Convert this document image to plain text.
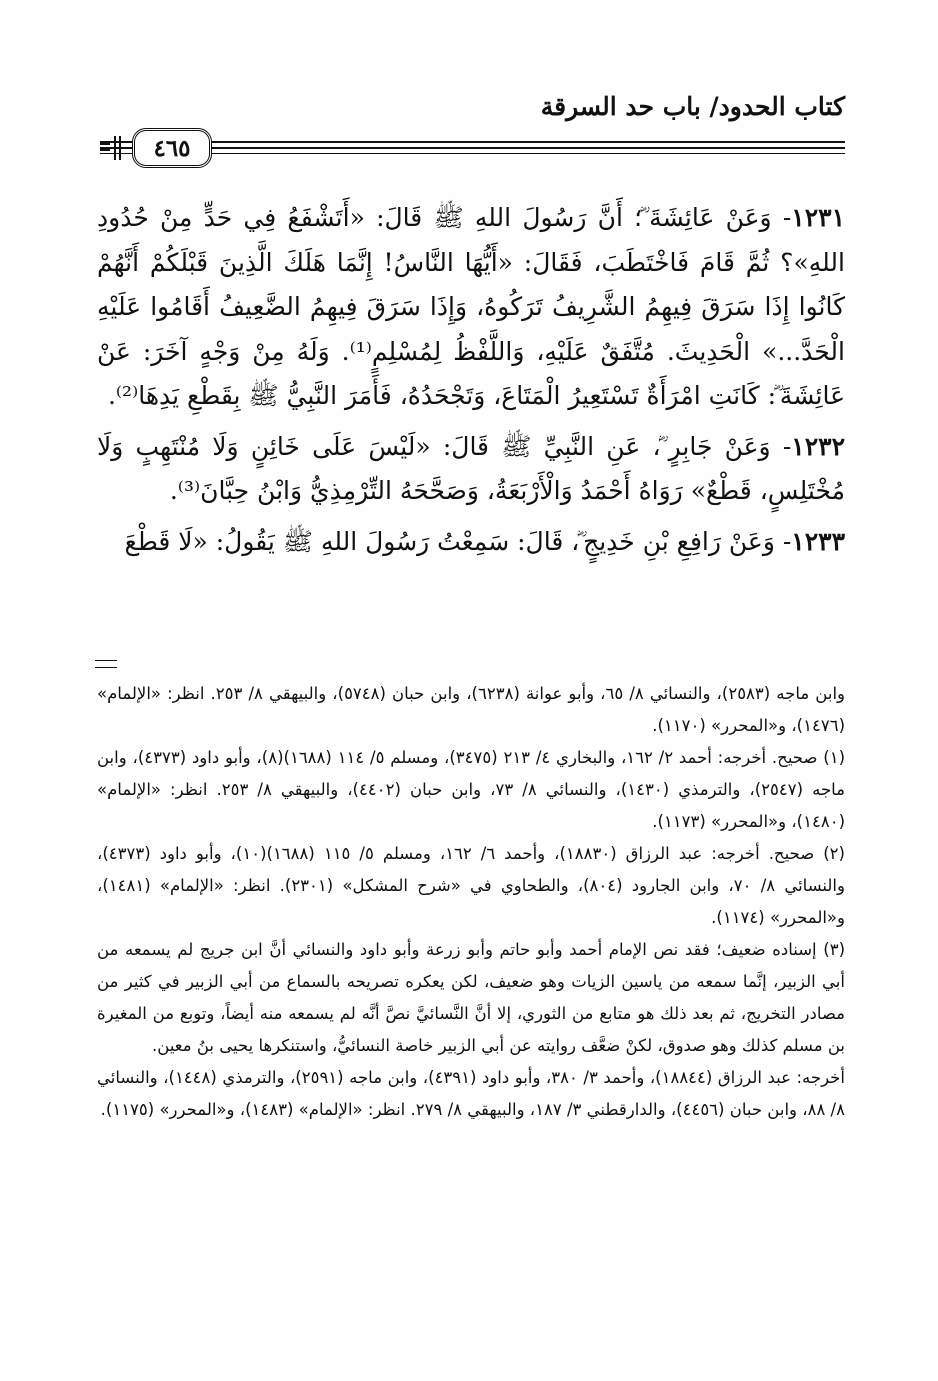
كتاب الحدود/ باب حد السرقة
٤٦٥

١٢٣١- وَعَنْ عَائِشَةَ ؓ؛ أَنَّ رَسُولَ اللهِ ﷺ قَالَ: «أَتَشْفَعُ فِي حَدٍّ مِنْ حُدُودِ اللهِ»؟ ثُمَّ قَامَ فَاخْتَطَبَ، فَقَالَ: «أَيُّهَا النَّاسُ! إِنَّمَا هَلَكَ الَّذِينَ قَبْلَكُمْ أَنَّهُمْ كَانُوا إِذَا سَرَقَ فِيهِمُ الشَّرِيفُ تَرَكُوهُ، وَإِذَا سَرَقَ فِيهِمُ الضَّعِيفُ أَقَامُوا عَلَيْهِ الْحَدَّ...» الْحَدِيثَ. مُتَّفَقٌ عَلَيْهِ، وَاللَّفْظُ لِمُسْلِمٍ⁽¹⁾. وَلَهُ مِنْ وَجْهٍ آخَرَ: عَنْ عَائِشَةَ ؓ: كَانَتِ امْرَأَةٌ تَسْتَعِيرُ الْمَتَاعَ، وَتَجْحَدُهُ، فَأَمَرَ النَّبِيُّ ﷺ بِقَطْعِ يَدِهَا⁽²⁾.

١٢٣٢- وَعَنْ جَابِرٍ ؓ، عَنِ النَّبِيِّ ﷺ قَالَ: «لَيْسَ عَلَى خَائِنٍ وَلَا مُنْتَهِبٍ وَلَا مُخْتَلِسٍ، قَطْعٌ» رَوَاهُ أَحْمَدُ وَالْأَرْبَعَةُ، وَصَحَّحَهُ التِّرْمِذِيُّ وَابْنُ حِبَّانَ⁽³⁾.

١٢٣٣- وَعَنْ رَافِعِ بْنِ خَدِيجٍ ؓ، قَالَ: سَمِعْتُ رَسُولَ اللهِ ﷺ يَقُولُ: «لَا قَطْعَ

وابن ماجه (٢٥٨٣)، والنسائي ٨/ ٦٥، وأبو عوانة (٦٢٣٨)، وابن حبان (٥٧٤٨)، والبيهقي ٨/ ٢٥٣. انظر: «الإلمام» (١٤٧٦)، و«المحرر» (١١٧٠).

(١) صحيح. أخرجه: أحمد ٢/ ١٦٢، والبخاري ٤/ ٢١٣ (٣٤٧٥)، ومسلم ٥/ ١١٤ (١٦٨٨)(٨)، وأبو داود (٤٣٧٣)، وابن ماجه (٢٥٤٧)، والترمذي (١٤٣٠)، والنسائي ٨/ ٧٣، وابن حبان (٤٤٠٢)، والبيهقي ٨/ ٢٥٣. انظر: «الإلمام» (١٤٨٠)، و«المحرر» (١١٧٣).

(٢) صحيح. أخرجه: عبد الرزاق (١٨٨٣٠)، وأحمد ٦/ ١٦٢، ومسلم ٥/ ١١٥ (١٦٨٨)(١٠)، وأبو داود (٤٣٧٣)، والنسائي ٨/ ٧٠، وابن الجارود (٨٠٤)، والطحاوي في «شرح المشكل» (٢٣٠١). انظر: «الإلمام» (١٤٨١)، و«المحرر» (١١٧٤).

(٣) إسناده ضعيف؛ فقد نص الإمام أحمد وأبو حاتم وأبو زرعة وأبو داود والنسائي أنَّ ابن جريج لم يسمعه من أبي الزبير، إنَّما سمعه من ياسين الزيات وهو ضعيف، لكن يعكره تصريحه بالسماع من أبي الزبير في كثير من مصادر التخريج، ثم بعد ذلك هو متابع من الثوري، إلا أنَّ النَّسائيَّ نصَّ أنَّه لم يسمعه منه أيضاً، وتوبع من المغيرة بن مسلم كذلك وهو صدوق، لكنْ ضعَّف روايته عن أبي الزبير خاصة النسائيُّ، واستنكرها يحيى بنُ معين.

أخرجه: عبد الرزاق (١٨٨٤٤)، وأحمد ٣/ ٣٨٠، وأبو داود (٤٣٩١)، وابن ماجه (٢٥٩١)، والترمذي (١٤٤٨)، والنسائي ٨/ ٨٨، وابن حبان (٤٤٥٦)، والدارقطني ٣/ ١٨٧، والبيهقي ٨/ ٢٧٩. انظر: «الإلمام» (١٤٨٣)، و«المحرر» (١١٧٥).
